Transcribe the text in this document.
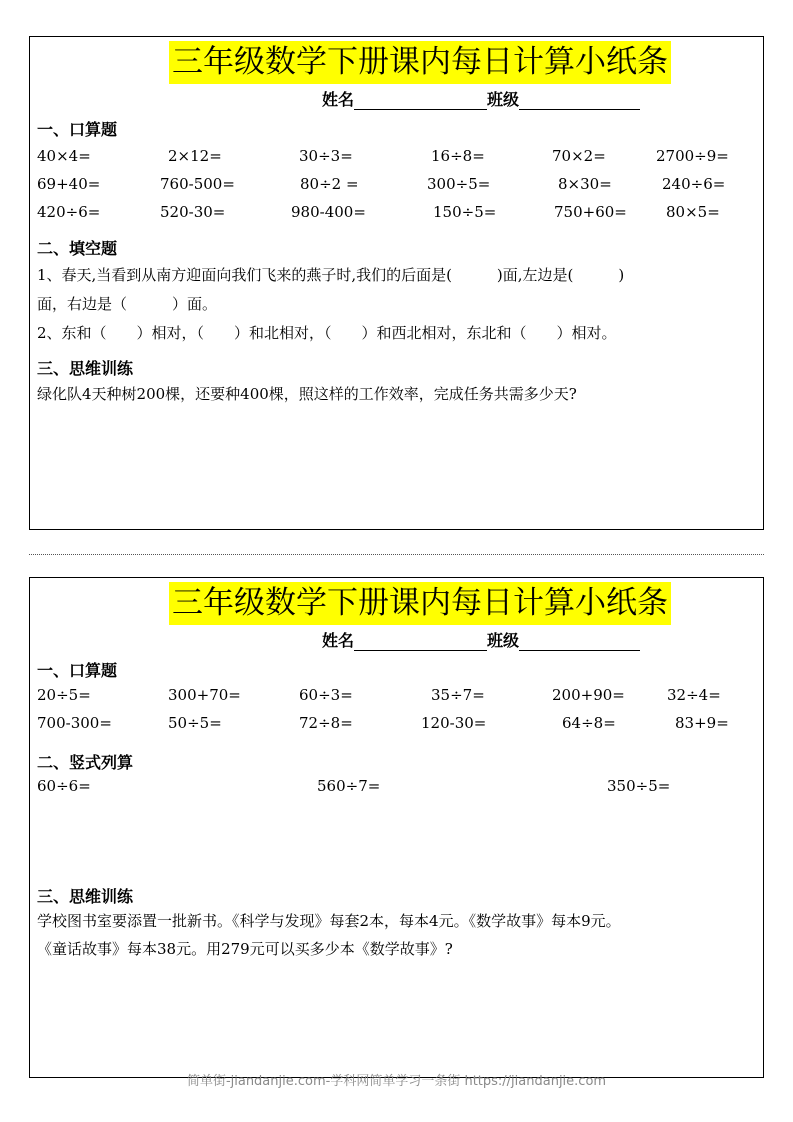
三年级数学下册课内每日计算小纸条
姓名	班级
一、口算题
40×4=	2×12=	30÷3=	16÷8=	70×2=	2700÷9=
69+40=	760-500=	80÷2 =	300÷5=	8×30=	240÷6=
420÷6=	520-30=	980-400=	150÷5=	750+60=	80×5=
二、填空题
1、春天,当看到从南方迎面向我们飞来的燕子时,我们的后面是(　　　)面,左边是(　　　)
面，右边是（　　　）面。
2、东和（　　）相对，（　　）和北相对，（　　）和西北相对，东北和（　　）相对。
三、思维训练
绿化队4天种树200棵，还要种400棵，照这样的工作效率，完成任务共需多少天?
三年级数学下册课内每日计算小纸条
姓名	班级
一、口算题
20÷5=	300+70=	60÷3=	35÷7=	200+90=	32÷4=
700-300=	50÷5=	72÷8=	120-30=	64÷8=	83+9=
二、竖式列算
60÷6=	560÷7=	350÷5=
三、思维训练
学校图书室要添置一批新书。《科学与发现》每套2本，每本4元。《数学故事》每本9元。
《童话故事》每本38元。用279元可以买多少本《数学故事》?
简单街-jiandanjie.com-学科网简单学习一条街 https://jiandanjie.com
